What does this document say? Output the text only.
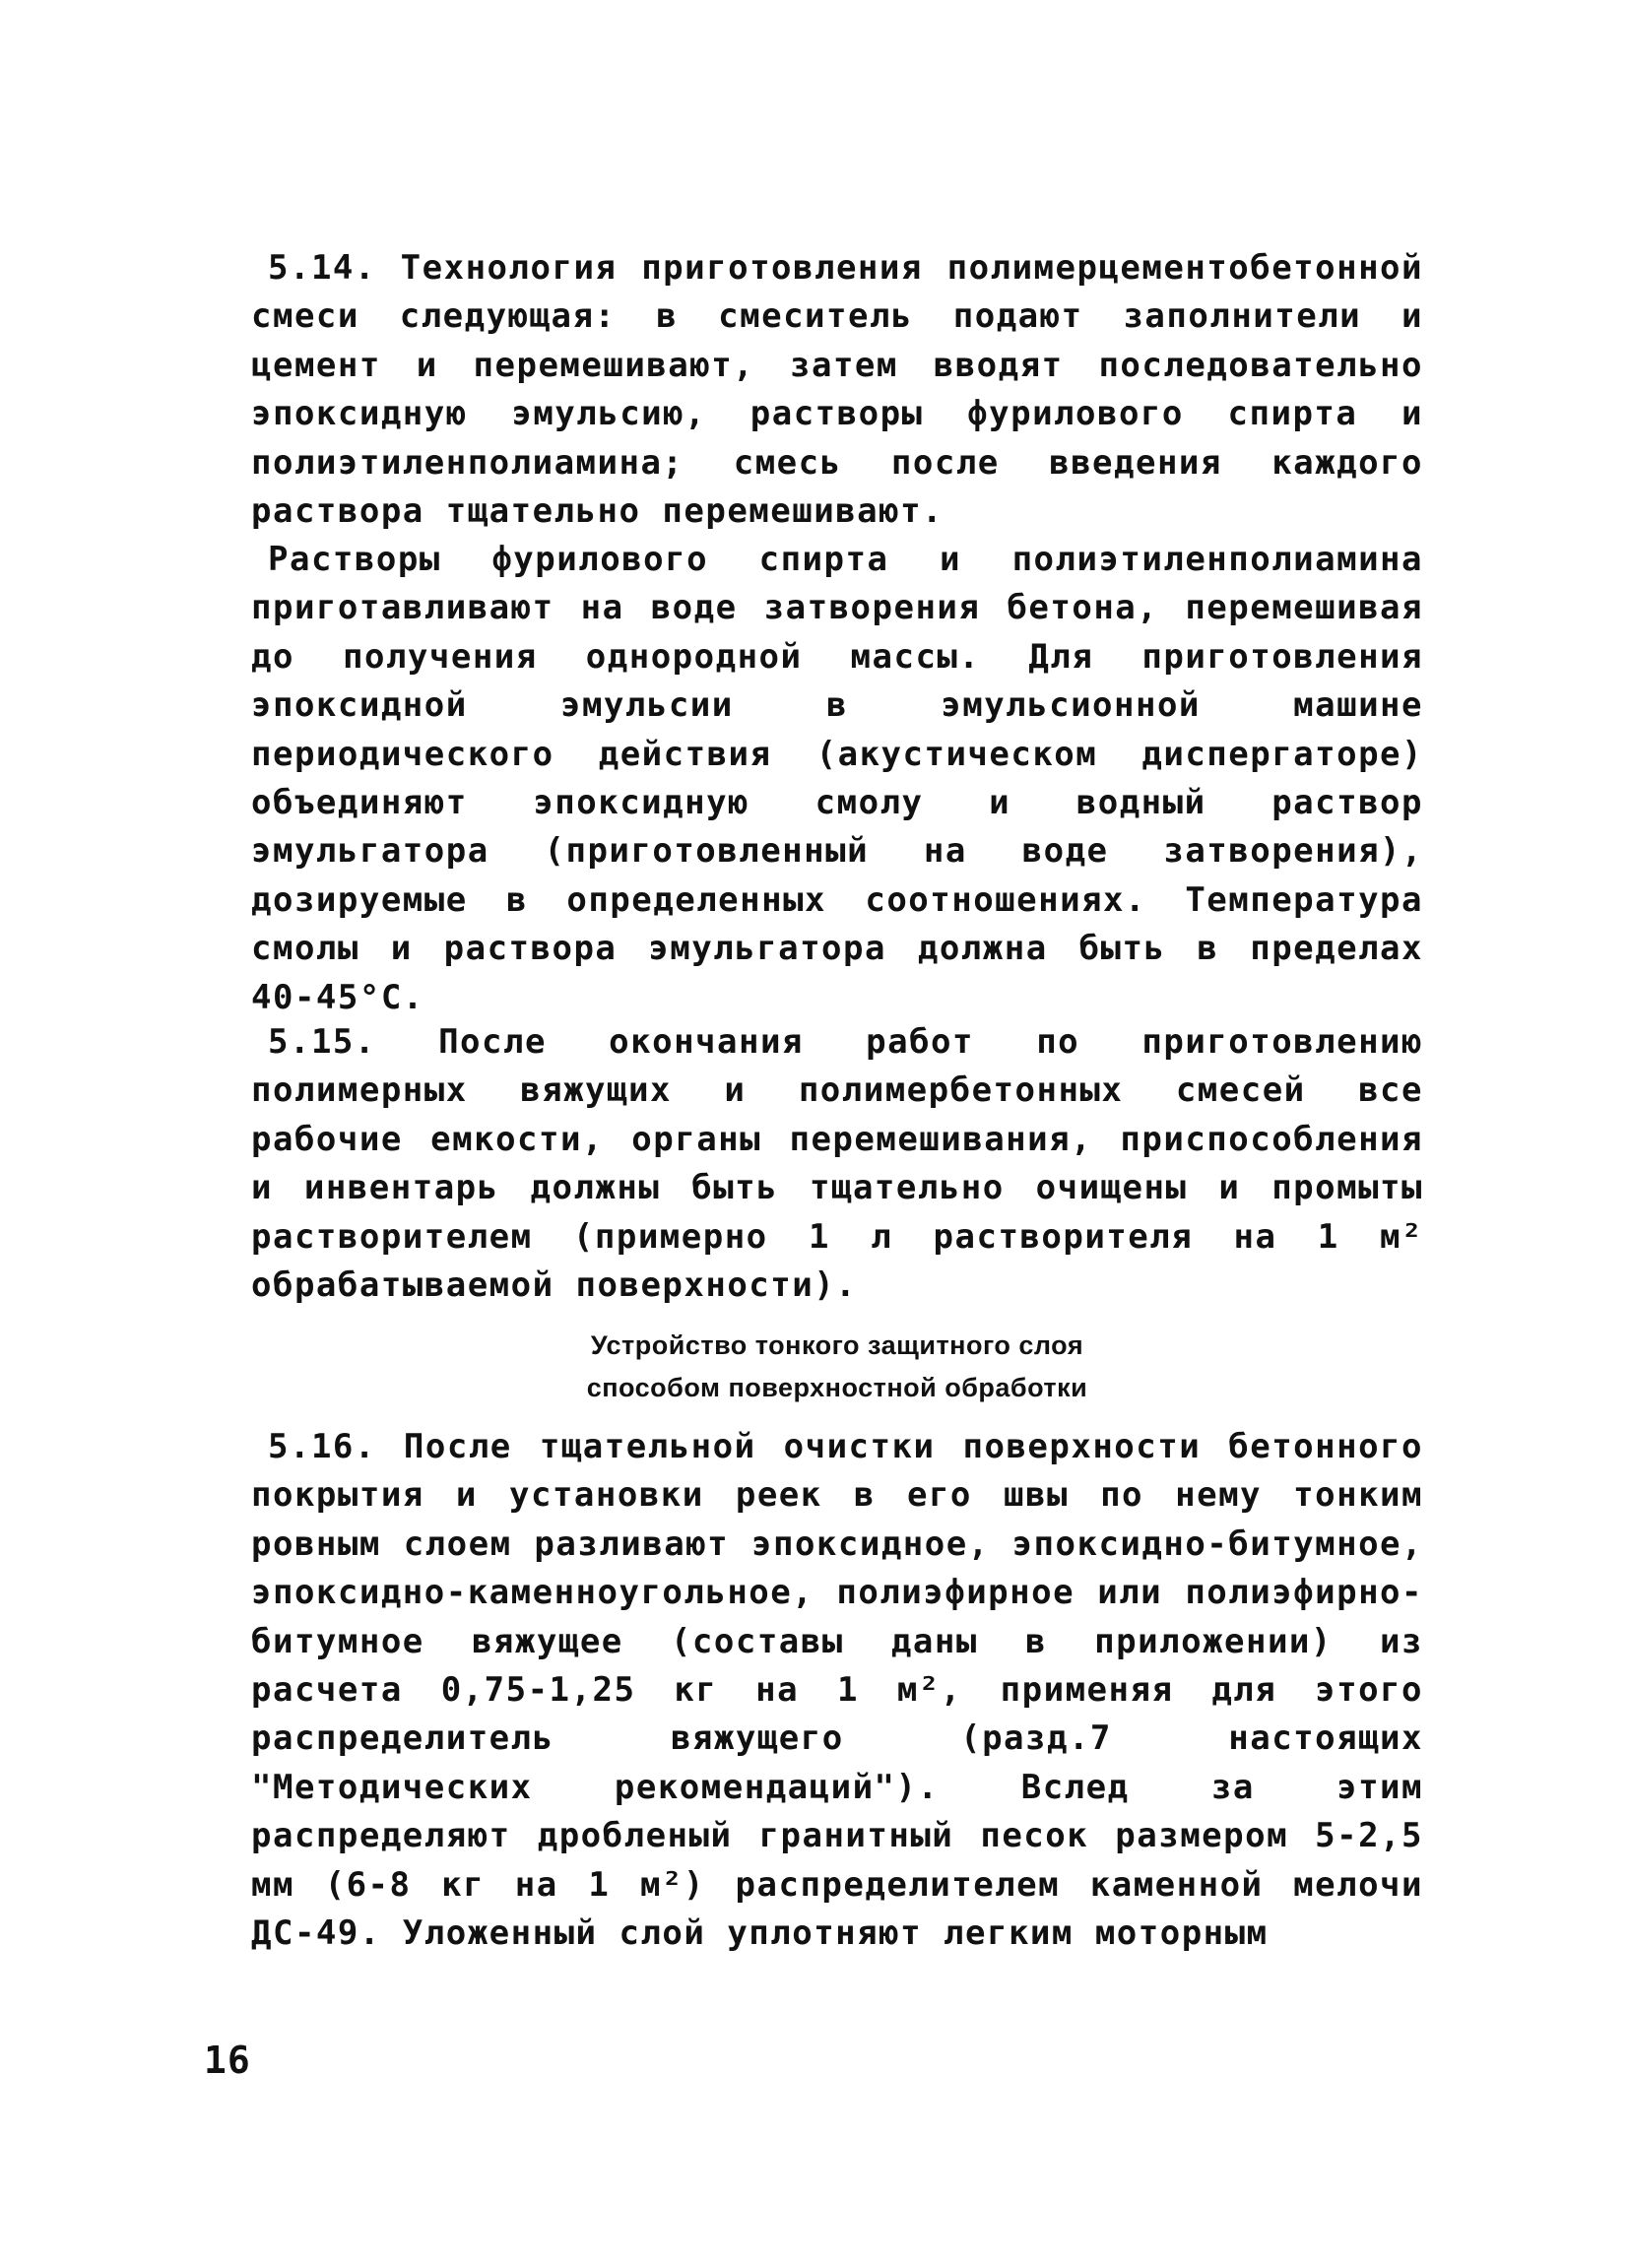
5.14. Технология приготовления полимерцементобетонной смеси следующая: в смеситель подают заполнители и цемент и перемешивают, затем вводят последовательно эпоксидную эмульсию, растворы фурилового спирта и полиэтиленполиамина; смесь после введения каждого раствора тщательно перемешивают.

Растворы фурилового спирта и полиэтиленполиамина приготавливают на воде затворения бетона, перемешивая до получения однородной массы. Для приготовления эпоксидной эмульсии в эмульсионной машине периодического действия (акустическом диспергаторе) объединяют эпоксидную смолу и водный раствор эмульгатора (приготовленный на воде затворения), дозируемые в определенных соотношениях. Температура смолы и раствора эмульгатора должна быть в пределах 40-45°С.

5.15. После окончания работ по приготовлению полимерных вяжущих и полимербетонных смесей все рабочие емкости, органы перемешивания, приспособления и инвентарь должны быть тщательно очищены и промыты растворителем (примерно 1 л растворителя на 1 м² обрабатываемой поверхности).

Устройство тонкого защитного слоя
способом поверхностной обработки

5.16. После тщательной очистки поверхности бетонного покрытия и установки реек в его швы по нему тонким ровным слоем разливают эпоксидное, эпоксидно-битумное, эпоксидно-каменноугольное, полиэфирное или полиэфирно-битумное вяжущее (составы даны в приложении) из расчета 0,75-1,25 кг на 1 м², применяя для этого распределитель вяжущего (разд.7 настоящих "Методических рекомендаций"). Вслед за этим распределяют дробленый гранитный песок размером 5-2,5 мм (6-8 кг на 1 м²) распределителем каменной мелочи ДС-49. Уложенный слой уплотняют легким моторным

16
